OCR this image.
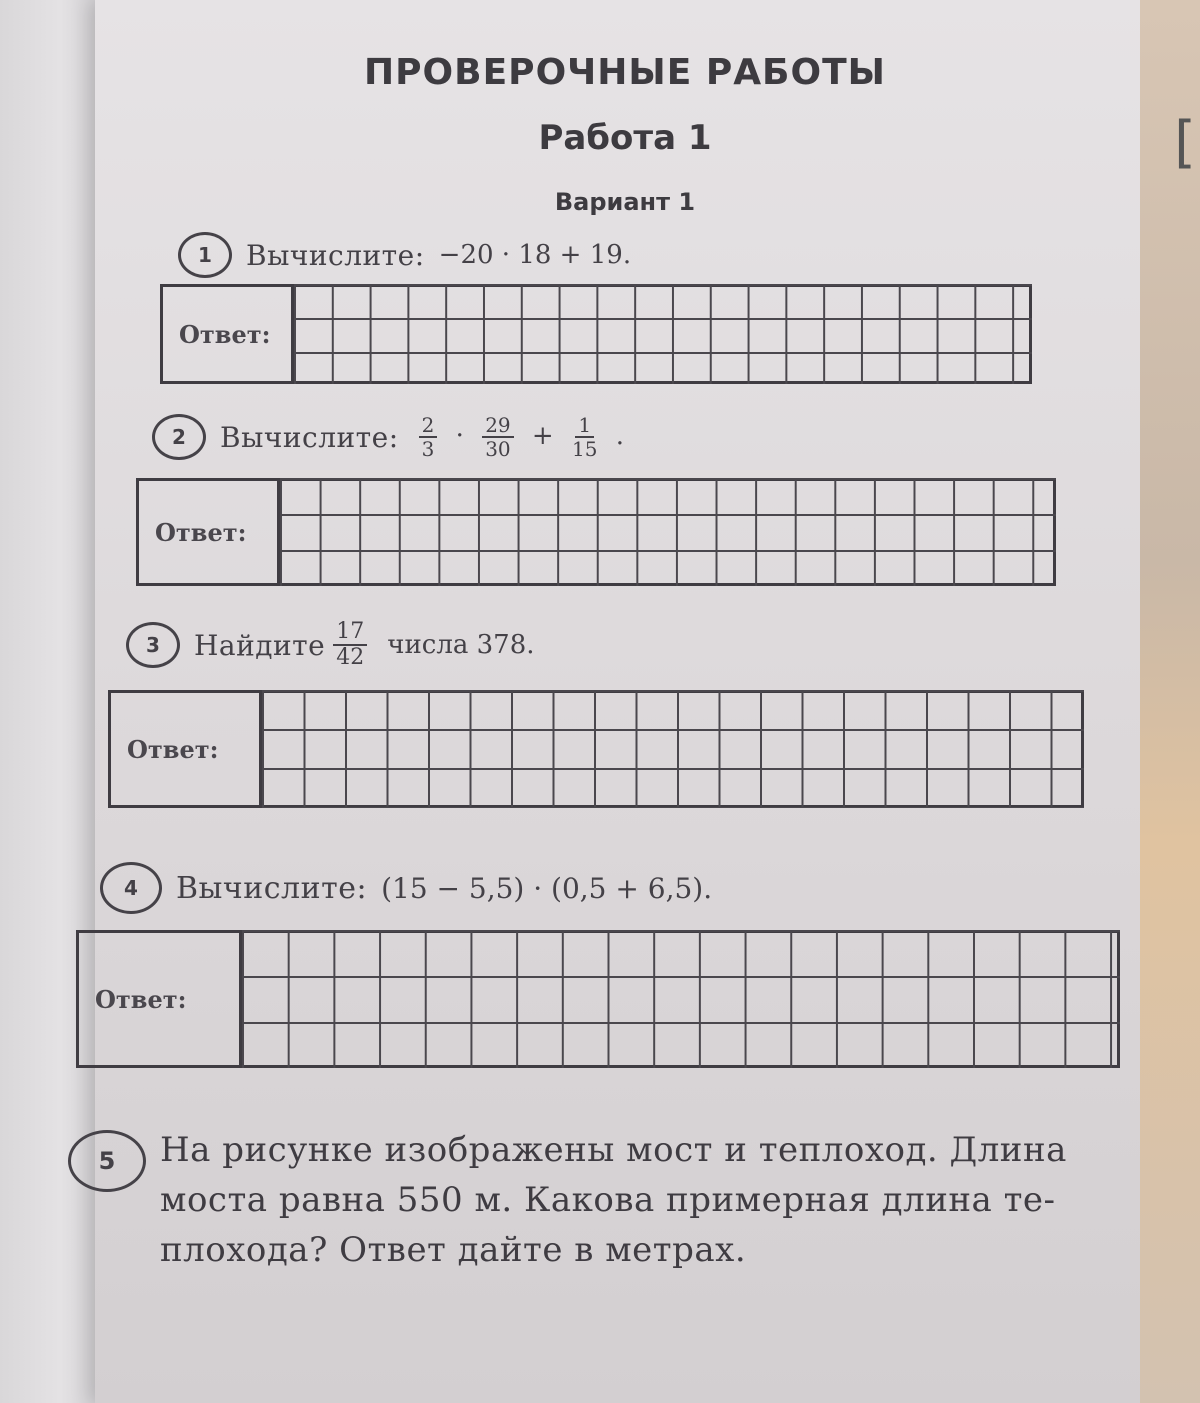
[
ПРОВЕРОЧНЫЕ РАБОТЫ
Работа 1
Вариант 1
1	Вычислите: −20 · 18 + 19.
Ответ:
2	Вычислите: $\frac{2}{3} \cdot \frac{29}{30} + \frac{1}{15}$ .
Ответ:
3	Найдите $\frac{17}{42}$ числа 378.
Ответ:
4	Вычислите: (15 − 5,5) · (0,5 + 6,5).
Ответ:
5	На рисунке изображены мост и теплоход. Длина
моста равна 550 м. Какова примерная длина те-
плохода? Ответ дайте в метрах.
